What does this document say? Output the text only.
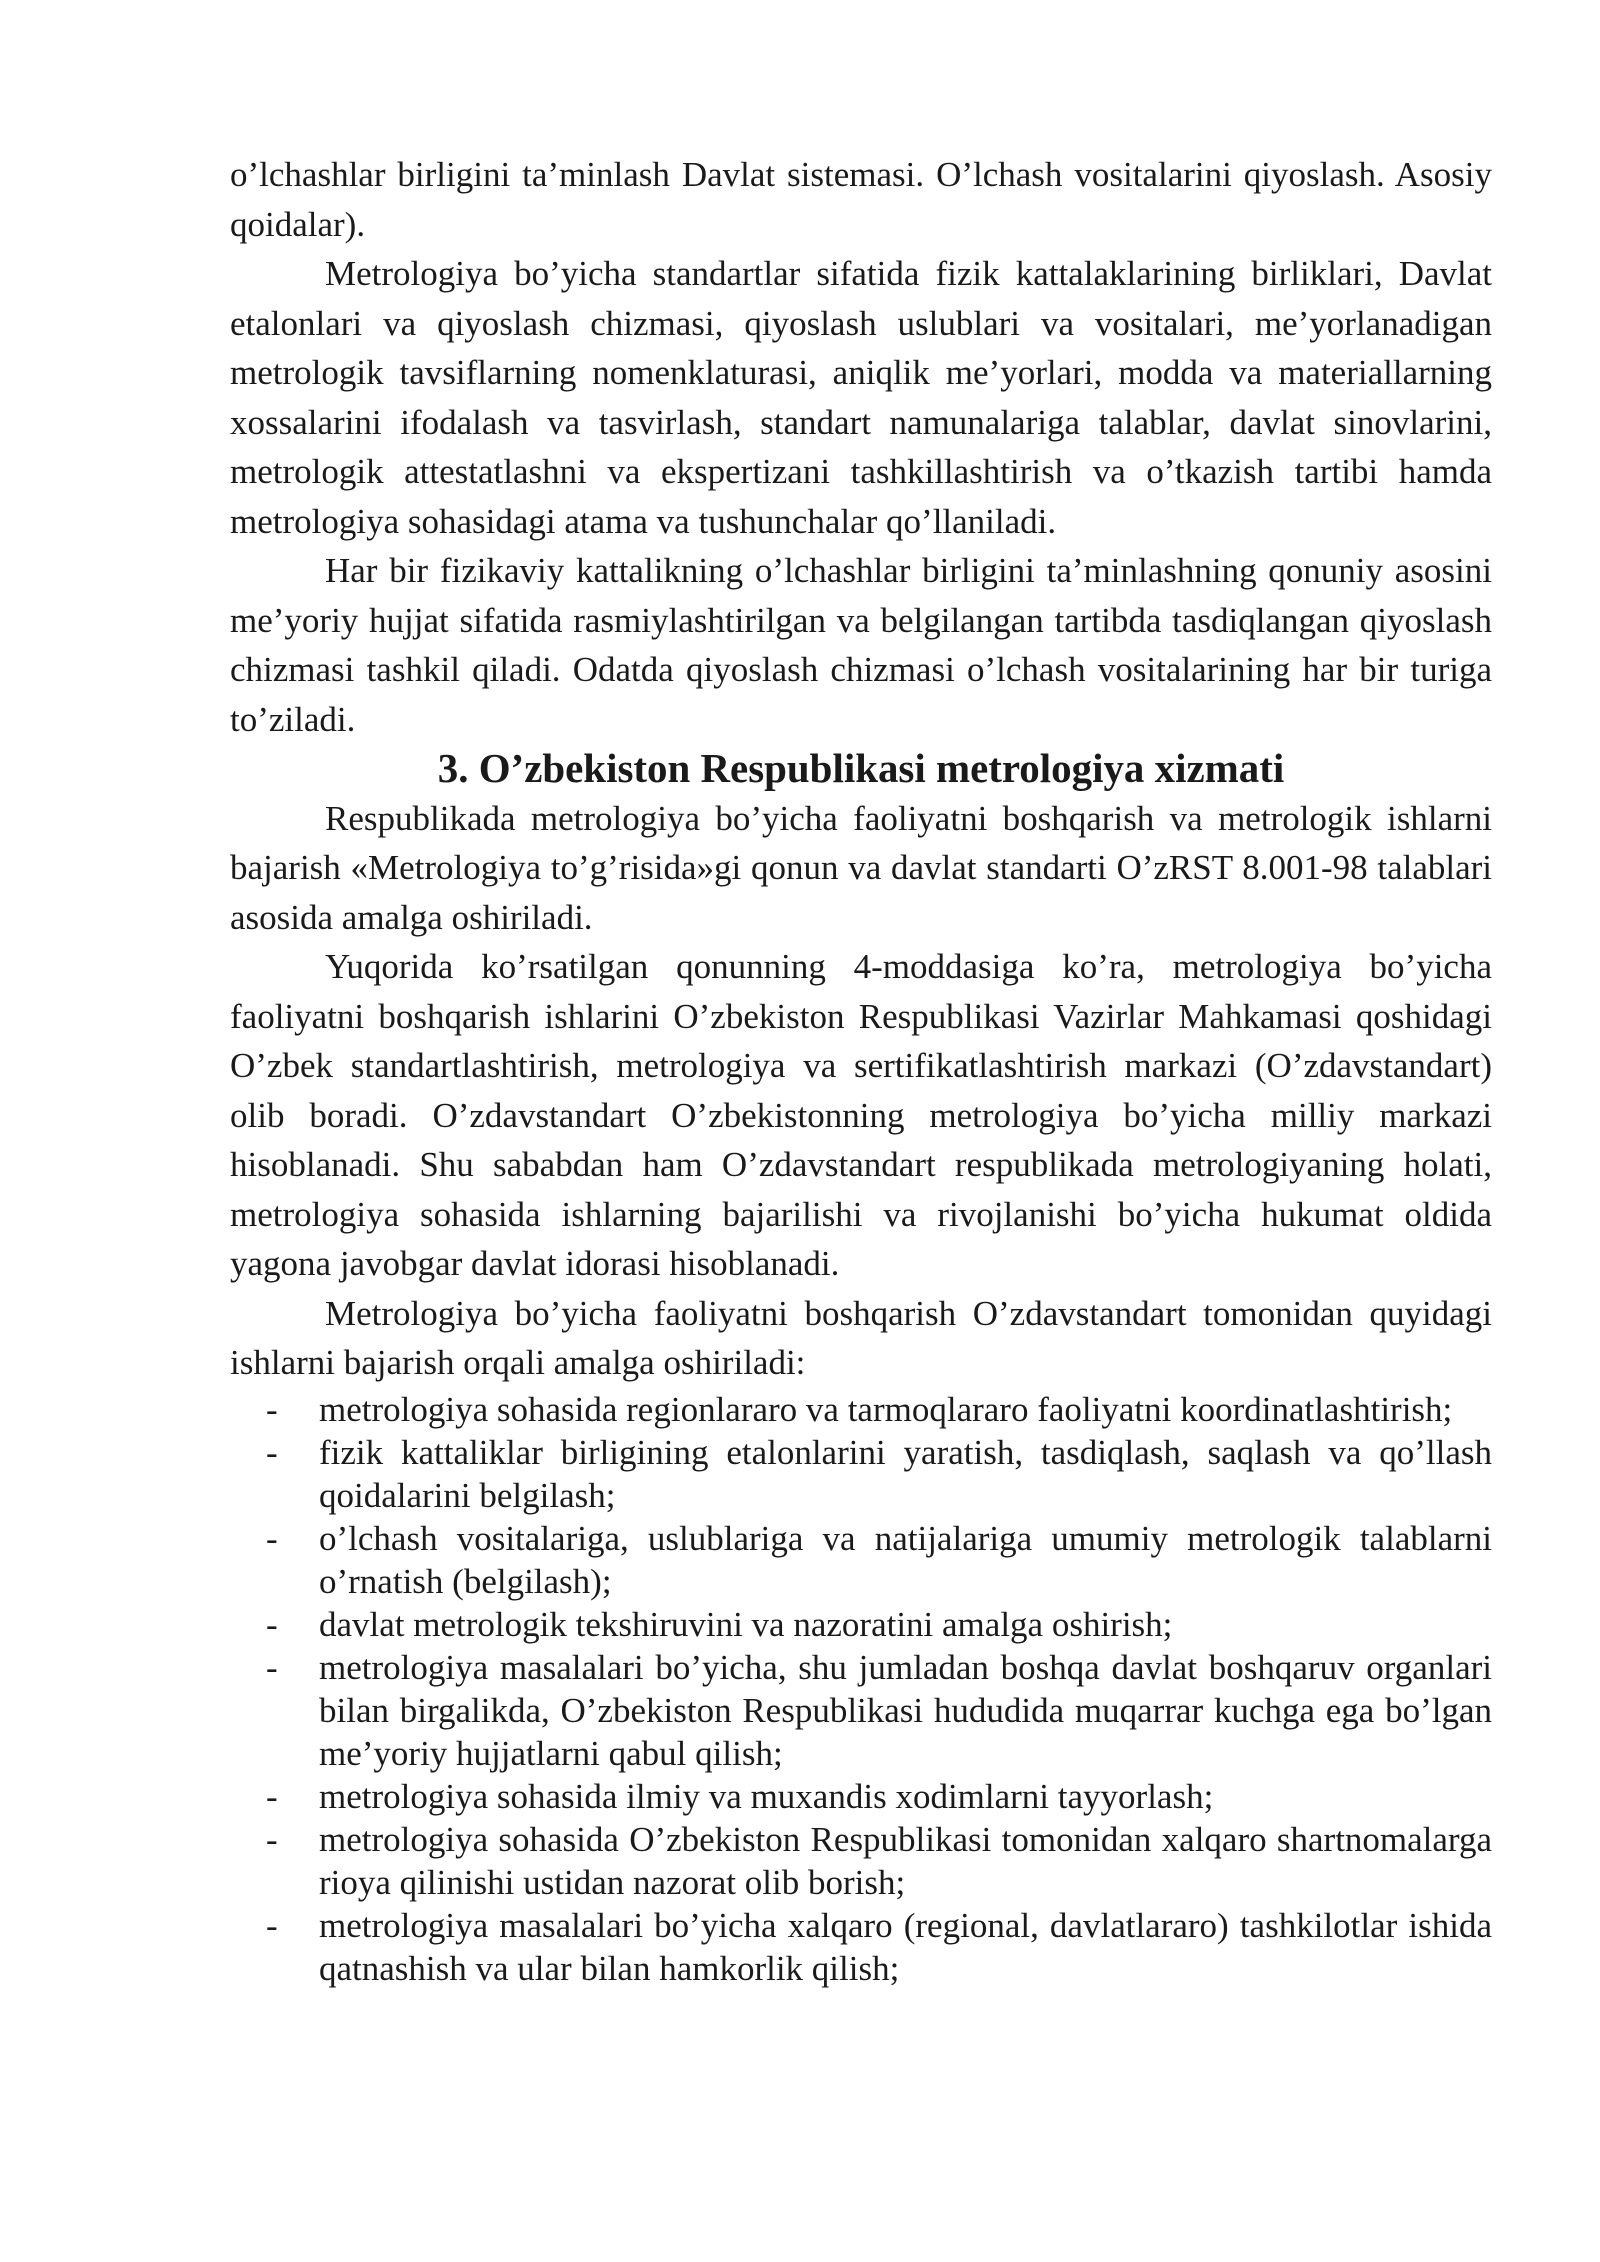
o’lchashlar birligini ta’minlash Davlat sistemasi. O’lchash vositalarini qiyoslash. Asosiy qoidalar).

Metrologiya bo’yicha standartlar sifatida fizik kattalaklarining birliklari, Davlat etalonlari va qiyoslash chizmasi, qiyoslash uslublari va vositalari, me’yorlanadigan metrologik tavsiflarning nomenklaturasi, aniqlik me’yorlari, modda va materiallarning xossalarini ifodalash va tasvirlash, standart namunalariga talablar, davlat sinovlarini, metrologik attestatlashni va ekspertizani tashkillashtirish va o’tkazish tartibi hamda metrologiya sohasidagi atama va tushunchalar qo’llaniladi.

Har bir fizikaviy kattalikning o’lchashlar birligini ta’minlashning qonuniy asosini me’yoriy hujjat sifatida rasmiylashtirilgan va belgilangan tartibda tasdiqlangan qiyoslash chizmasi tashkil qiladi. Odatda qiyoslash chizmasi o’lchash vositalarining har bir turiga to’ziladi.

3. O’zbekiston Respublikasi metrologiya xizmati

Respublikada metrologiya bo’yicha faoliyatni boshqarish va metrologik ishlarni bajarish «Metrologiya to’g’risida»gi qonun va davlat standarti O’zRST 8.001-98 talablari asosida amalga oshiriladi.

Yuqorida ko’rsatilgan qonunning 4-moddasiga ko’ra, metrologiya bo’yicha faoliyatni boshqarish ishlarini O’zbekiston Respublikasi Vazirlar Mahkamasi qoshidagi O’zbek standartlashtirish, metrologiya va sertifikatlashtirish markazi (O’zdavstandart) olib boradi. O’zdavstandart O’zbekistonning metrologiya bo’yicha milliy markazi hisoblanadi. Shu sababdan ham O’zdavstandart respublikada metrologiyaning holati, metrologiya sohasida ishlarning bajarilishi va rivojlanishi bo’yicha hukumat oldida yagona javobgar davlat idorasi hisoblanadi.

Metrologiya bo’yicha faoliyatni boshqarish O’zdavstandart tomonidan quyidagi ishlarni bajarish orqali amalga oshiriladi:

- metrologiya sohasida regionlararo va tarmoqlararo faoliyatni koordinatlashtirish;
- fizik kattaliklar birligining etalonlarini yaratish, tasdiqlash, saqlash va qo’llash qoidalarini belgilash;
- o’lchash vositalariga, uslublariga va natijalariga umumiy metrologik talablarni o’rnatish (belgilash);
- davlat metrologik tekshiruvini va nazoratini amalga oshirish;
- metrologiya masalalari bo’yicha, shu jumladan boshqa davlat boshqaruv organlari bilan birgalikda, O’zbekiston Respublikasi hududida muqarrar kuchga ega bo’lgan me’yoriy hujjatlarni qabul qilish;
- metrologiya sohasida ilmiy va muxandis xodimlarni tayyorlash;
- metrologiya sohasida O’zbekiston Respublikasi tomonidan xalqaro shartnomalarga rioya qilinishi ustidan nazorat olib borish;
- metrologiya masalalari bo’yicha xalqaro (regional, davlatlararo) tashkilotlar ishida qatnashish va ular bilan hamkorlik qilish;
